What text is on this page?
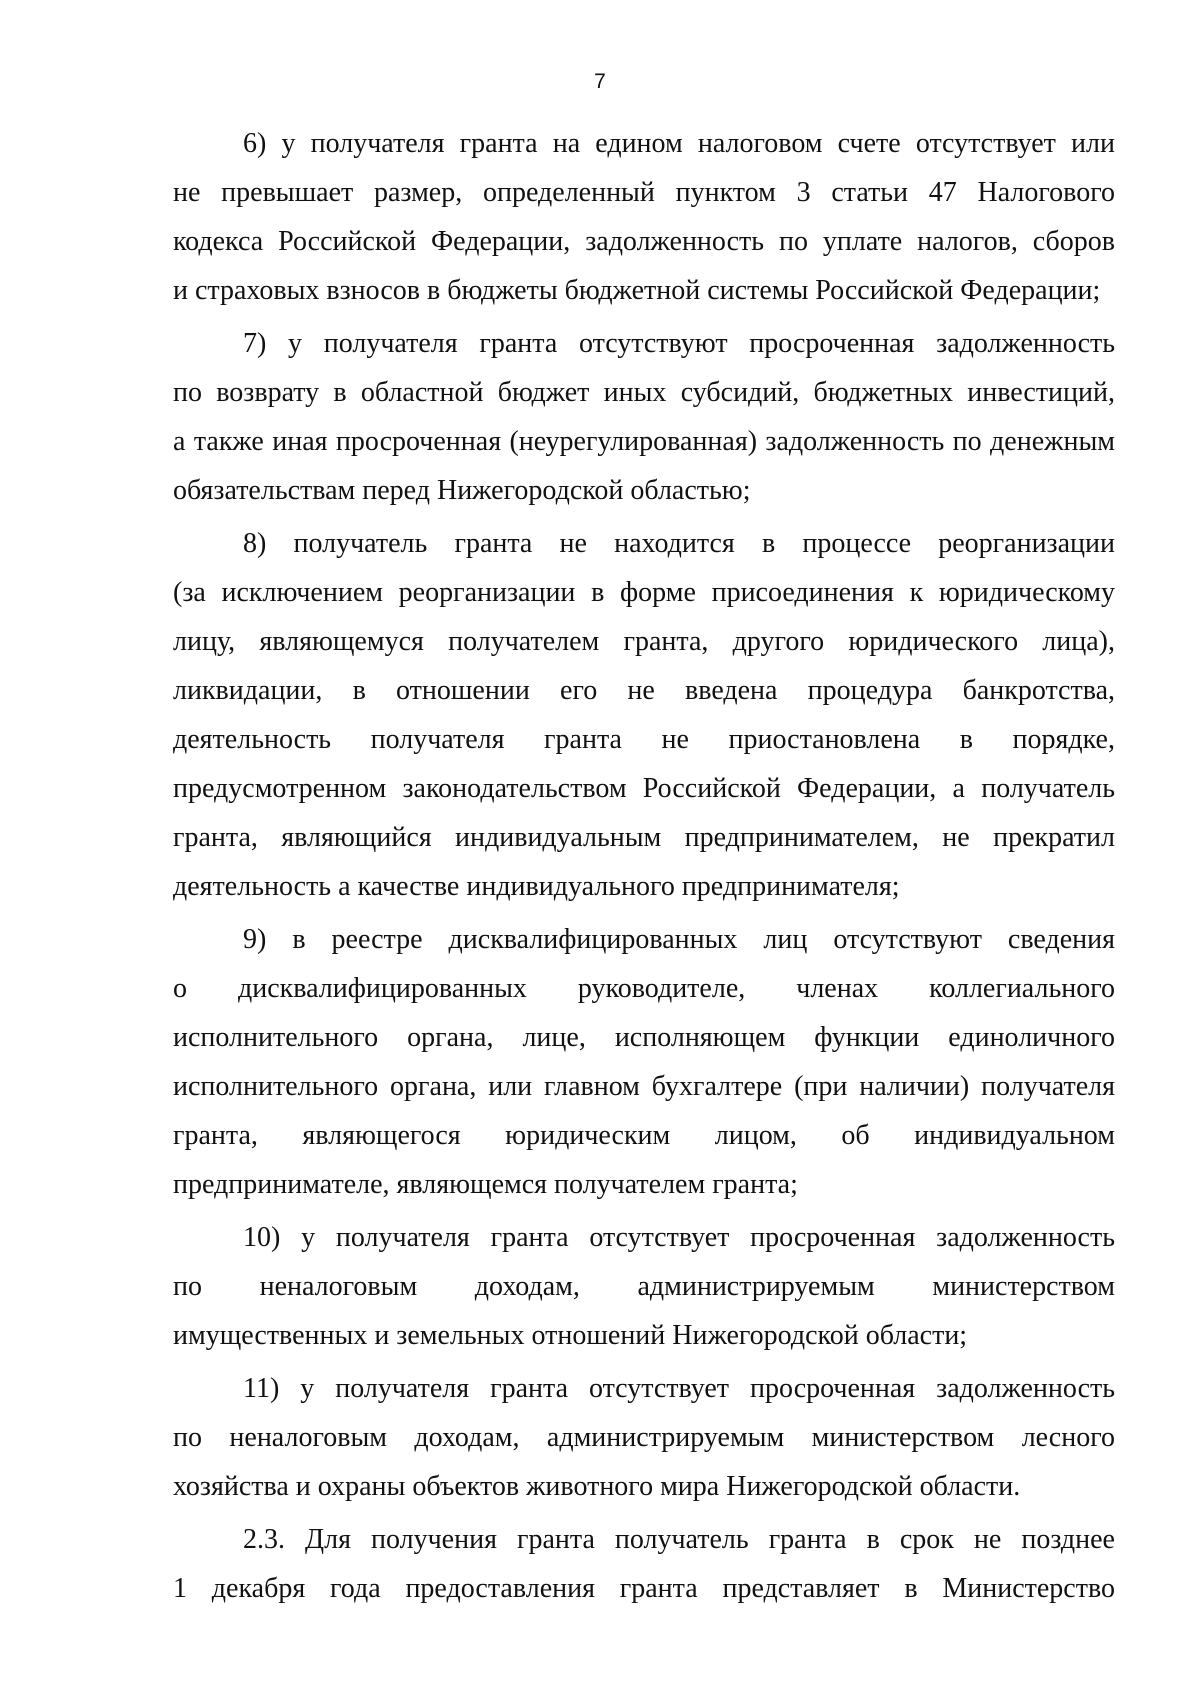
7
6) у получателя гранта на едином налоговом счете отсутствует или
не превышает размер, определенный пунктом 3 статьи 47 Налогового
кодекса Российской Федерации, задолженность по уплате налогов, сборов
и страховых взносов в бюджеты бюджетной системы Российской Федерации;
7) у получателя гранта отсутствуют просроченная задолженность
по возврату в областной бюджет иных субсидий, бюджетных инвестиций,
а также иная просроченная (неурегулированная) задолженность по денежным
обязательствам перед Нижегородской областью;
8) получатель гранта не находится в процессе реорганизации
(за исключением реорганизации в форме присоединения к юридическому
лицу, являющемуся получателем гранта, другого юридического лица),
ликвидации, в отношении его не введена процедура банкротства,
деятельность получателя гранта не приостановлена в порядке,
предусмотренном законодательством Российской Федерации, а получатель
гранта, являющийся индивидуальным предпринимателем, не прекратил
деятельность а качестве индивидуального предпринимателя;
9) в реестре дисквалифицированных лиц отсутствуют сведения
о дисквалифицированных руководителе, членах коллегиального
исполнительного органа, лице, исполняющем функции единоличного
исполнительного органа, или главном бухгалтере (при наличии) получателя
гранта, являющегося юридическим лицом, об индивидуальном
предпринимателе, являющемся получателем гранта;
10) у получателя гранта отсутствует просроченная задолженность
по неналоговым доходам, администрируемым министерством
имущественных и земельных отношений Нижегородской области;
11) у получателя гранта отсутствует просроченная задолженность
по неналоговым доходам, администрируемым министерством лесного
хозяйства и охраны объектов животного мира Нижегородской области.
2.3. Для получения гранта получатель гранта в срок не позднее
1 декабря года предоставления гранта представляет в Министерство
